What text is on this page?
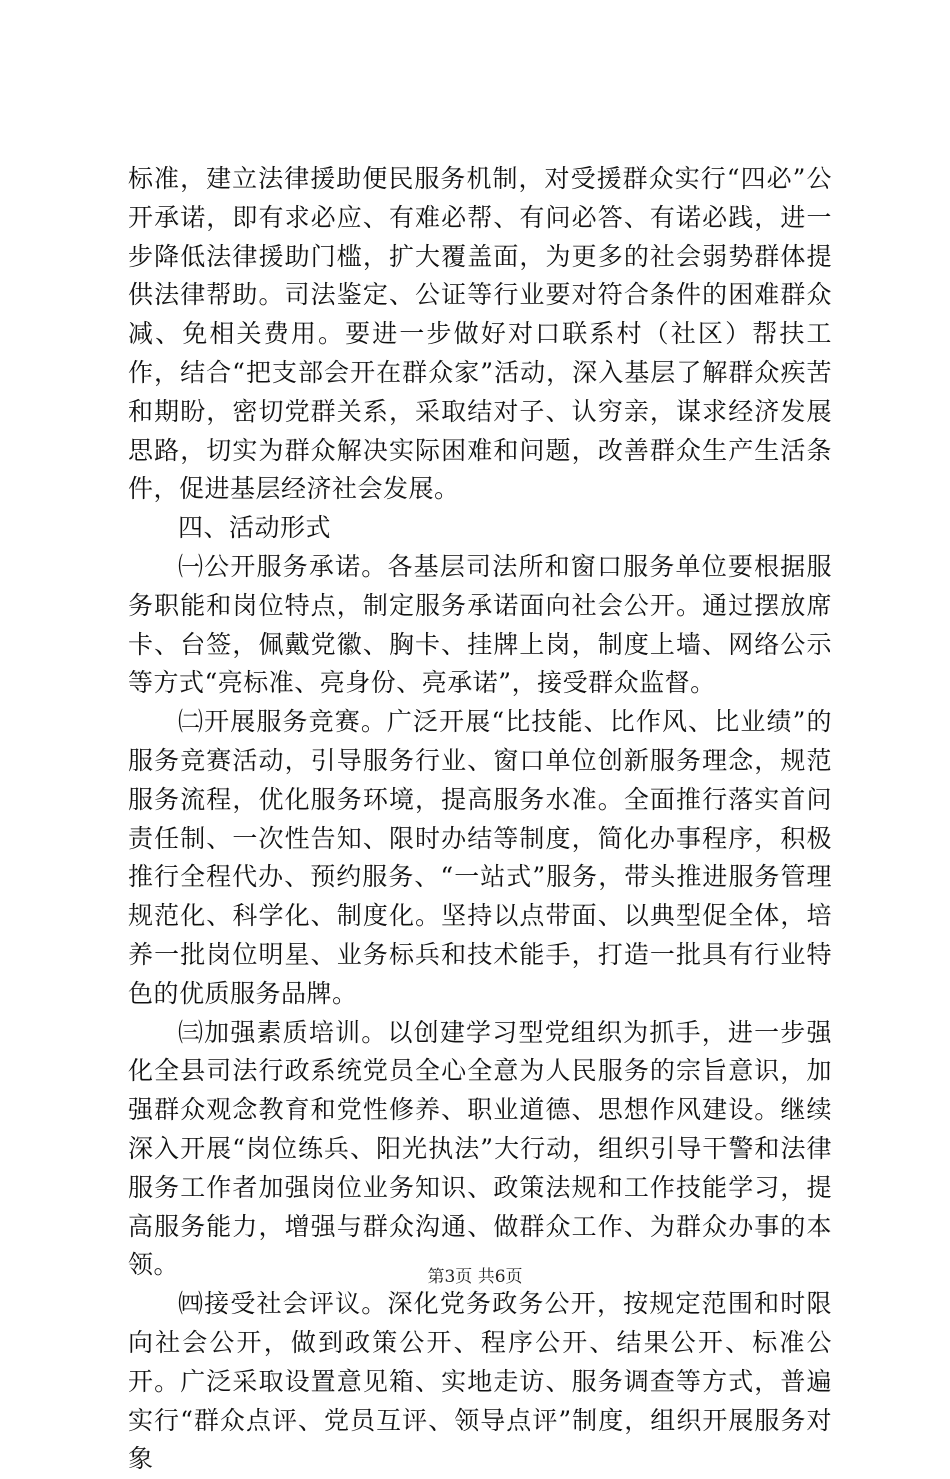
标准，建立法律援助便民服务机制，对受援群众实行“四必”公开承诺，即有求必应、有难必帮、有问必答、有诺必践，进一步降低法律援助门槛，扩大覆盖面，为更多的社会弱势群体提供法律帮助。司法鉴定、公证等行业要对符合条件的困难群众减、免相关费用。要进一步做好对口联系村（社区）帮扶工作，结合“把支部会开在群众家”活动，深入基层了解群众疾苦和期盼，密切党群关系，采取结对子、认穷亲，谋求经济发展思路，切实为群众解决实际困难和问题，改善群众生产生活条件，促进基层经济社会发展。

四、活动形式

㈠公开服务承诺。各基层司法所和窗口服务单位要根据服务职能和岗位特点，制定服务承诺面向社会公开。通过摆放席卡、台签，佩戴党徽、胸卡、挂牌上岗，制度上墙、网络公示等方式“亮标准、亮身份、亮承诺”，接受群众监督。

㈡开展服务竞赛。广泛开展“比技能、比作风、比业绩”的服务竞赛活动，引导服务行业、窗口单位创新服务理念，规范服务流程，优化服务环境，提高服务水准。全面推行落实首问责任制、一次性告知、限时办结等制度，简化办事程序，积极推行全程代办、预约服务、“一站式”服务，带头推进服务管理规范化、科学化、制度化。坚持以点带面、以典型促全体，培养一批岗位明星、业务标兵和技术能手，打造一批具有行业特色的优质服务品牌。

㈢加强素质培训。以创建学习型党组织为抓手，进一步强化全县司法行政系统党员全心全意为人民服务的宗旨意识，加强群众观念教育和党性修养、职业道德、思想作风建设。继续深入开展“岗位练兵、阳光执法”大行动，组织引导干警和法律服务工作者加强岗位业务知识、政策法规和工作技能学习，提高服务能力，增强与群众沟通、做群众工作、为群众办事的本领。

㈣接受社会评议。深化党务政务公开，按规定范围和时限向社会公开，做到政策公开、程序公开、结果公开、标准公开。广泛采取设置意见箱、实地走访、服务调查等方式，普遍实行“群众点评、党员互评、领导点评”制度，组织开展服务对象

第3页 共6页
